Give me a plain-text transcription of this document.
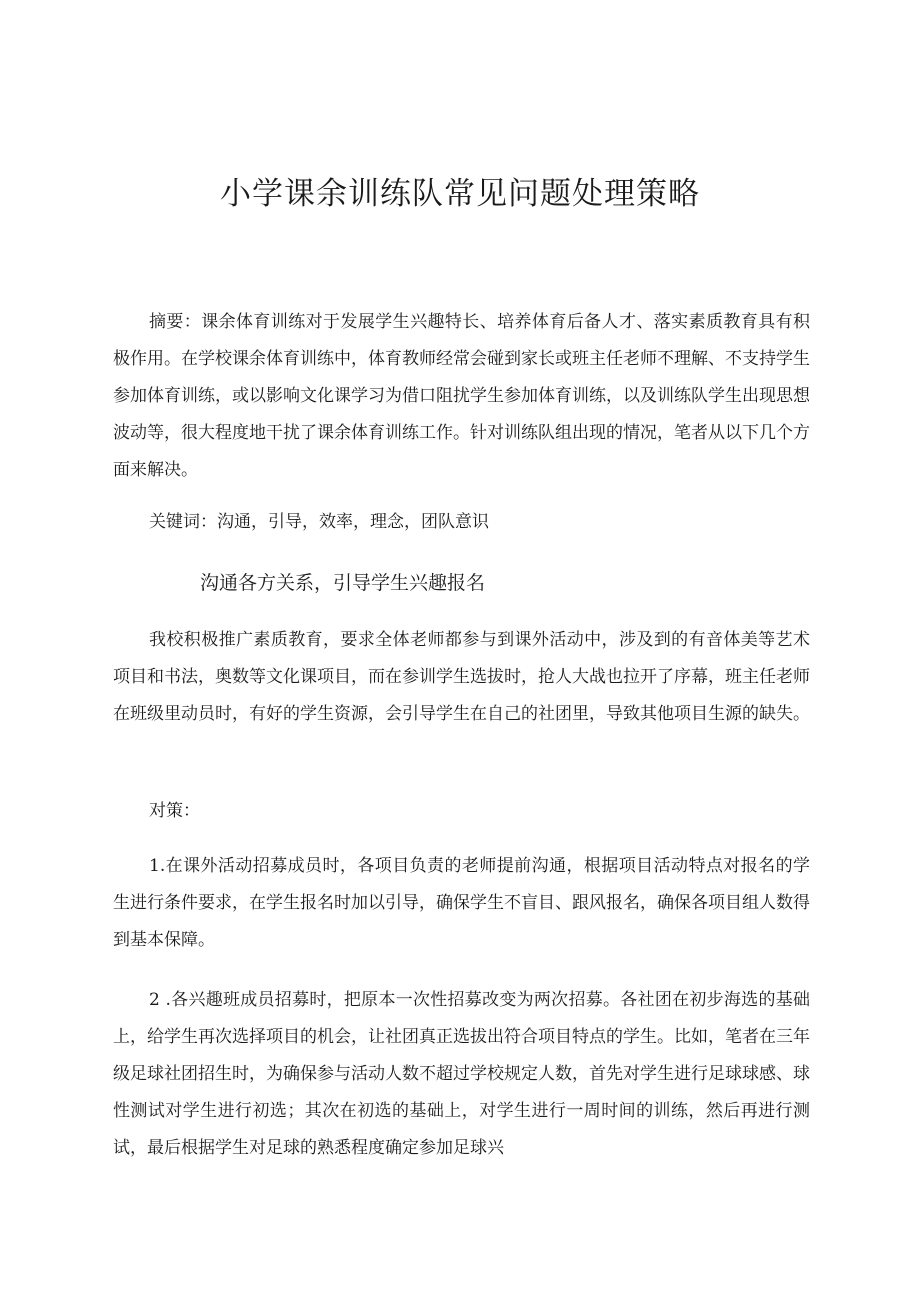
小学课余训练队常见问题处理策略

摘要：课余体育训练对于发展学生兴趣特长、培养体育后备人才、落实素质教育具有积极作用。在学校课余体育训练中，体育教师经常会碰到家长或班主任老师不理解、不支持学生参加体育训练，或以影响文化课学习为借口阻扰学生参加体育训练，以及训练队学生出现思想波动等，很大程度地干扰了课余体育训练工作。针对训练队组出现的情况，笔者从以下几个方面来解决。

关键词：沟通，引导，效率，理念，团队意识

沟通各方关系，引导学生兴趣报名

我校积极推广素质教育，要求全体老师都参与到课外活动中，涉及到的有音体美等艺术项目和书法，奥数等文化课项目，而在参训学生选拔时，抢人大战也拉开了序幕，班主任老师在班级里动员时，有好的学生资源，会引导学生在自己的社团里，导致其他项目生源的缺失。

对策：

1.在课外活动招募成员时，各项目负责的老师提前沟通，根据项目活动特点对报名的学生进行条件要求，在学生报名时加以引导，确保学生不盲目、跟风报名，确保各项目组人数得到基本保障。

2 .各兴趣班成员招募时，把原本一次性招募改变为两次招募。各社团在初步海选的基础上，给学生再次选择项目的机会，让社团真正选拔出符合项目特点的学生。比如，笔者在三年级足球社团招生时，为确保参与活动人数不超过学校规定人数，首先对学生进行足球球感、球性测试对学生进行初选；其次在初选的基础上，对学生进行一周时间的训练，然后再进行测试，最后根据学生对足球的熟悉程度确定参加足球兴
